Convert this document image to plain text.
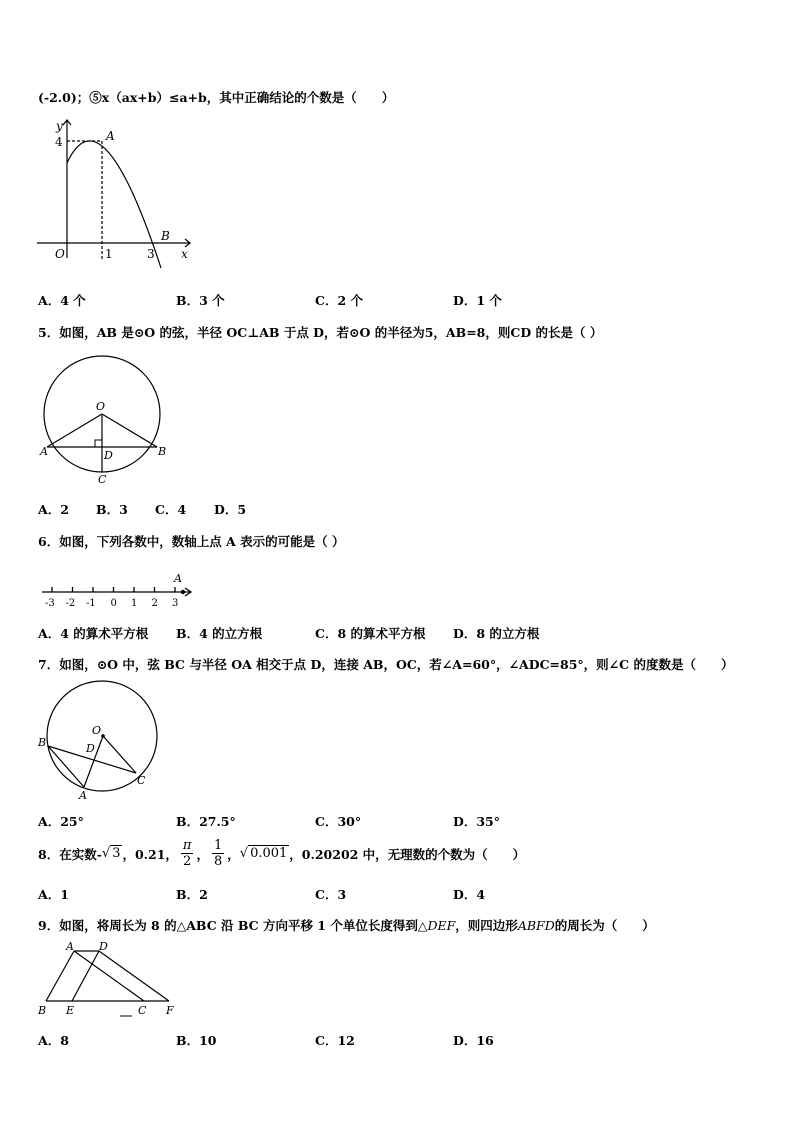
(-2.0)；⑤x（ax+b）≤a+b，其中正确结论的个数是（　　）
y
x
A
B
O
4
1	3
A．4 个	B．3 个	C．2 个	D．1 个
5．如图，AB 是⊙O 的弦，半径 OC⊥AB 于点 D，若⊙O 的半径为5，AB=8，则CD 的长是（ ）
O
A	B
D
C
A．2 B．3 C．4 D．5
6．如图，下列各数中，数轴上点 A 表示的可能是（ ）
A
-3 -2 -1 0 1 2 3
A．4 的算术平方根 B．4 的立方根	C．8 的算术平方根 D．8 的立方根
7．如图，⊙O 中，弦 BC 与半径 OA 相交于点 D，连接 AB，OC，若∠A=60°，∠ADC=85°，则∠C 的度数是（　　）
O
B	D
A
C
A．25°	B．27.5°	C．30°	D．35°
8．在实数- √ 3 ，0.21， $\frac{\pi}{2}$ ， $\frac{1}{8}$ ， √ 0.001 ，0.20202 中，无理数的个数为（　　）
A．1	B．2	C．3	D．4
9．如图，将周长为 8 的△ABC 沿 BC 方向平移 1 个单位长度得到△DEF，则四边形ABFD的周长为（　　）
A D
B E	C F
A．8	B．10	C．12	D．16
